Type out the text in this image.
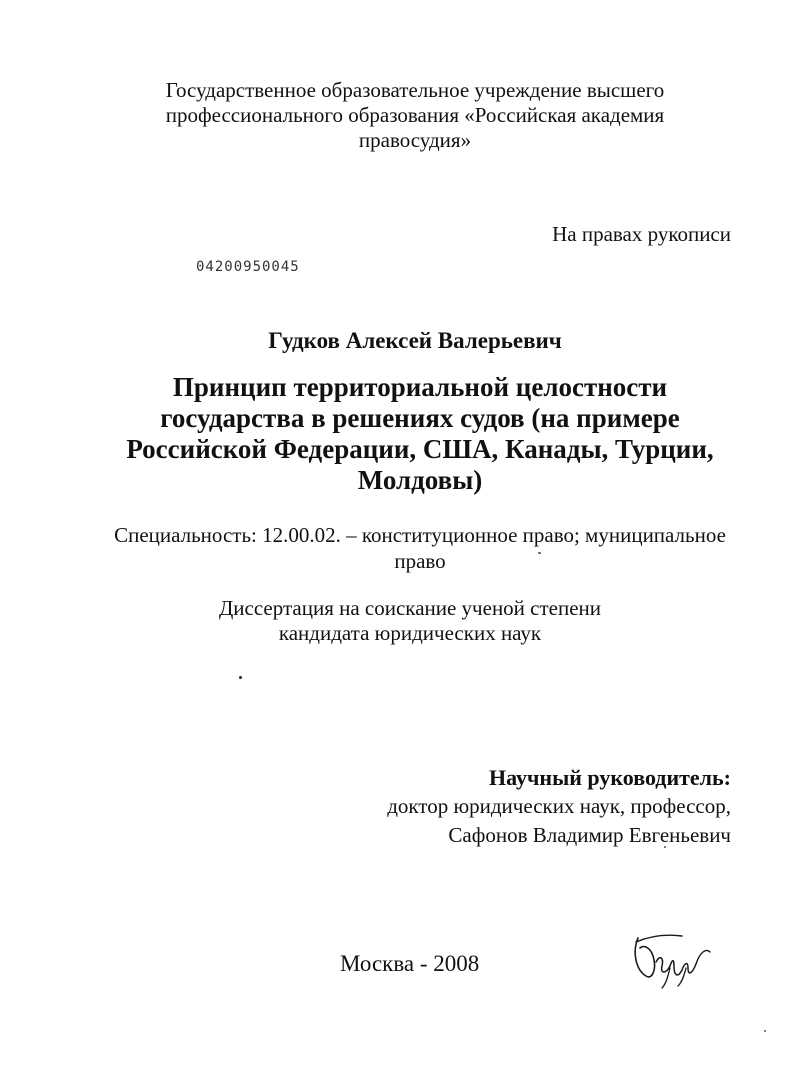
Государственное образовательное учреждение высшего
профессионального образования «Российская академия
правосудия»
На правах рукописи
04200950045
Гудков Алексей Валерьевич
Принцип территориальной целостности
государства в решениях судов (на примере
Российской Федерации, США, Канады, Турции,
Молдовы)
Специальность: 12.00.02. – конституционное право; муниципальное
право
Диссертация на соискание ученой степени
кандидата юридических наук
Научный руководитель:
доктор юридических наук, профессор,
Сафонов Владимир Евгеньевич
Москва - 2008
